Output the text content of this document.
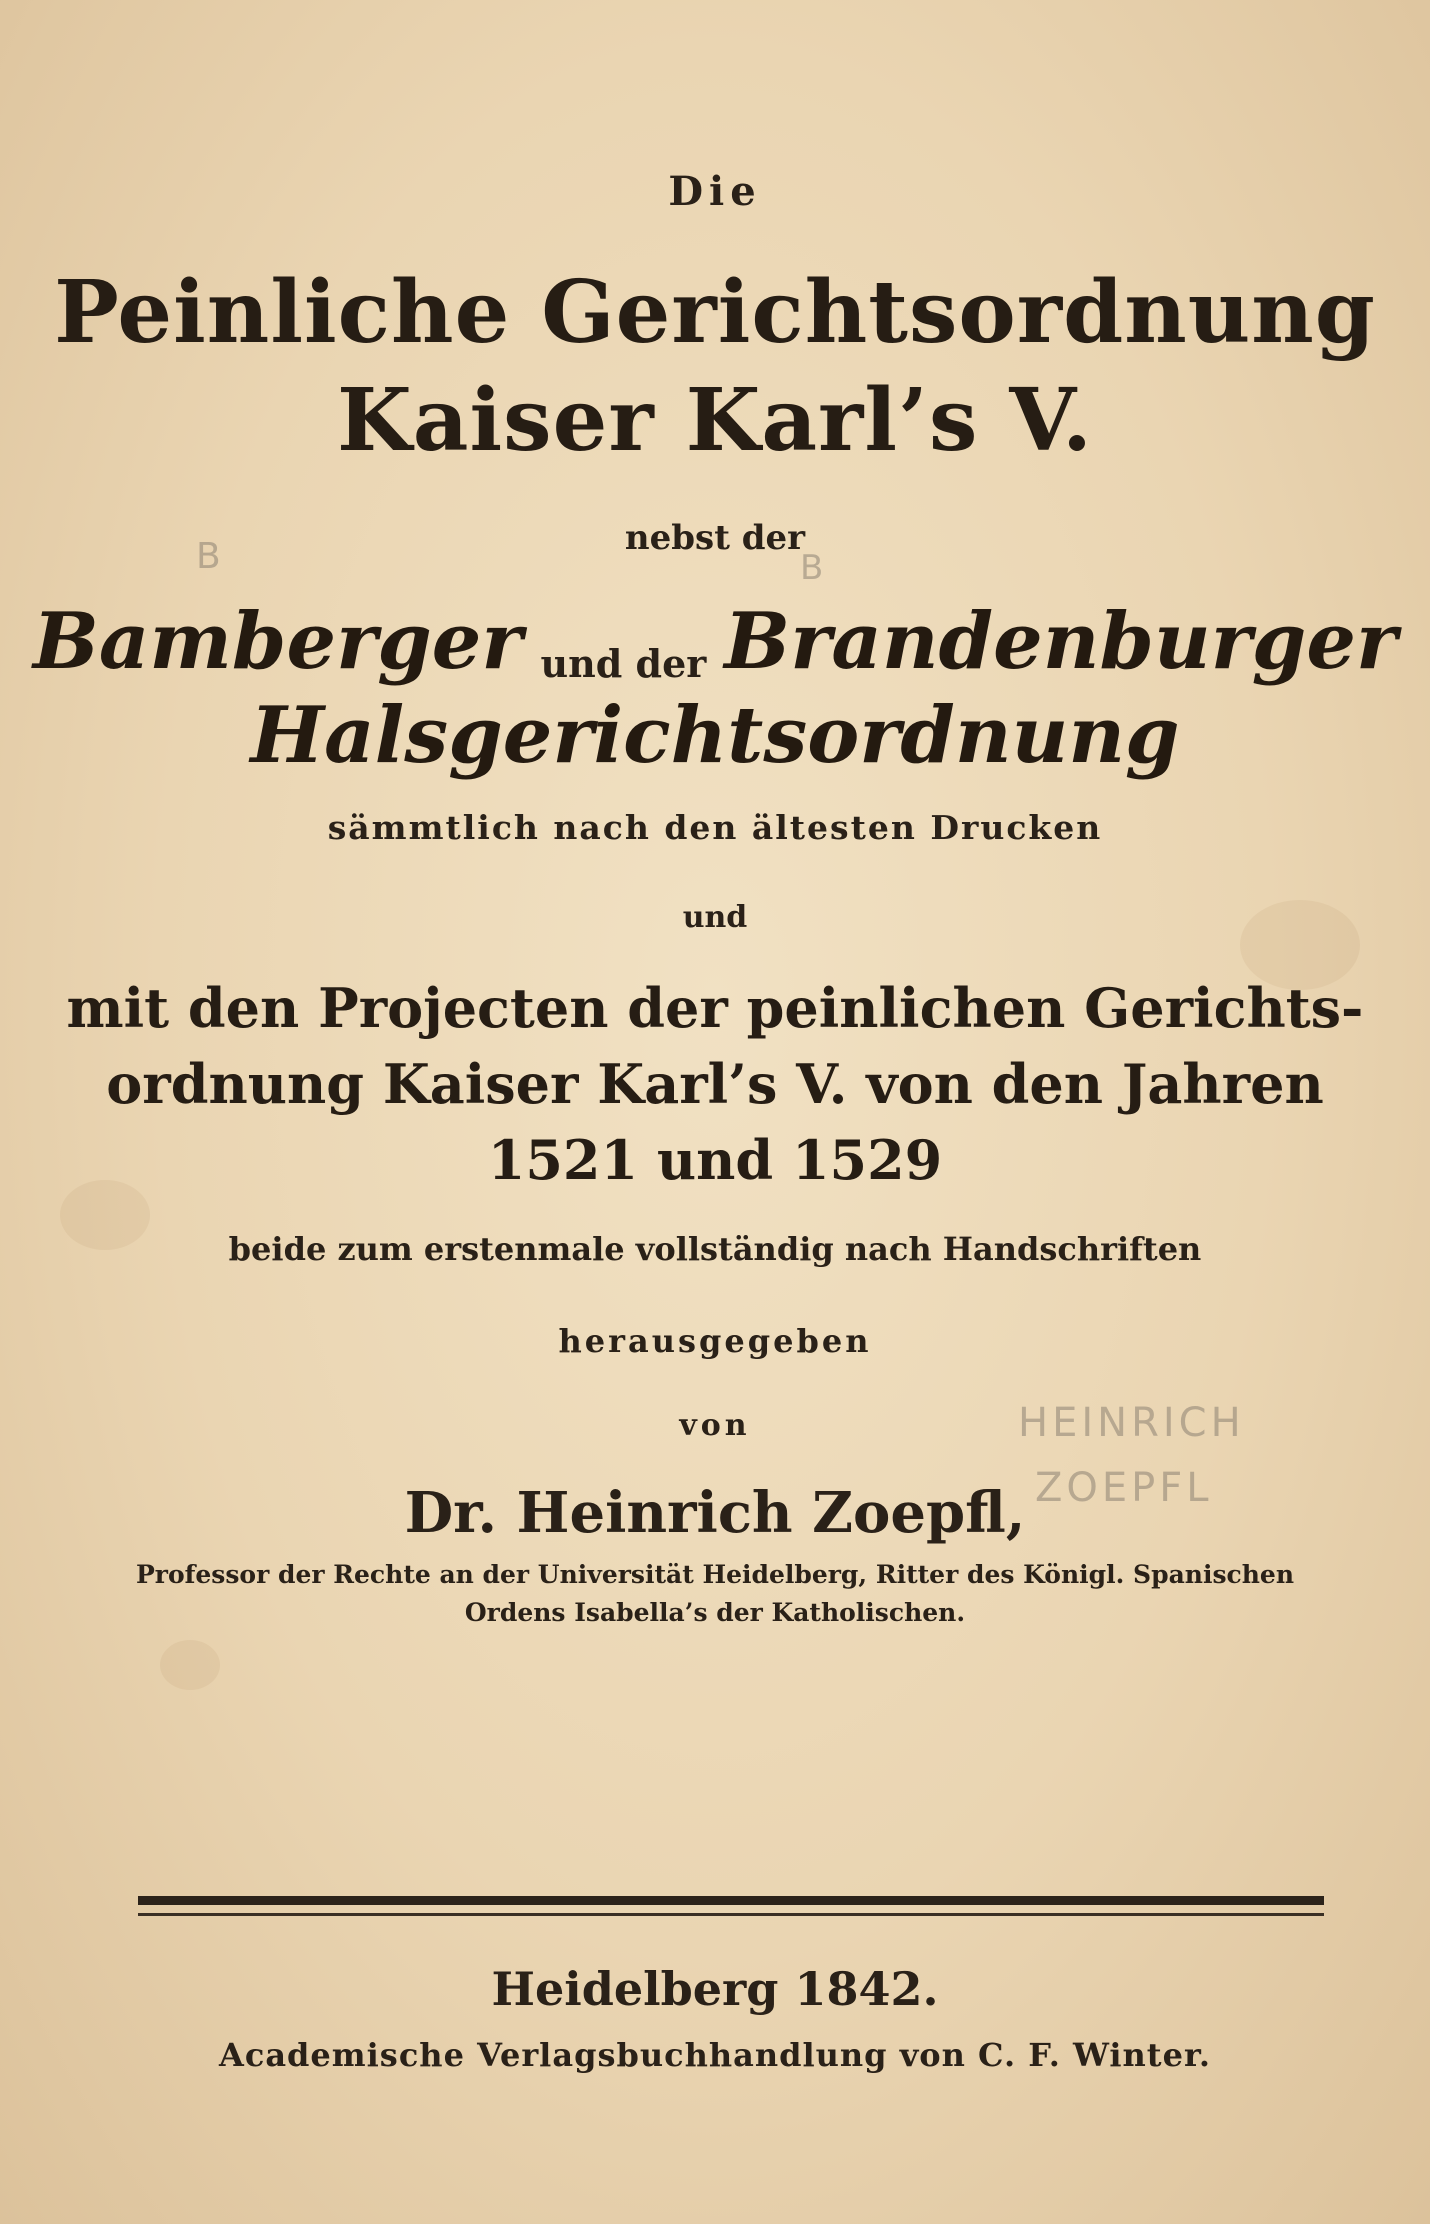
Die
Peinliche Gerichtsordnung
Kaiser Karl’s V.
nebst der
Bamberger und der Brandenburger
Halsgerichtsordnung
sämmtlich nach den ältesten Drucken
und
mit den Projecten der peinlichen Gerichts-
ordnung Kaiser Karl’s V. von den Jahren
1521 und 1529
beide zum erstenmale vollständig nach Handschriften
herausgegeben
von
Dr. Heinrich Zoepfl,
Professor der Rechte an der Universität Heidelberg, Ritter des Königl. Spanischen
Ordens Isabella’s der Katholischen.
Heidelberg 1842.
Academische Verlagsbuchhandlung von C. F. Winter.
HEINRICH
ZOEPFL
B	B
